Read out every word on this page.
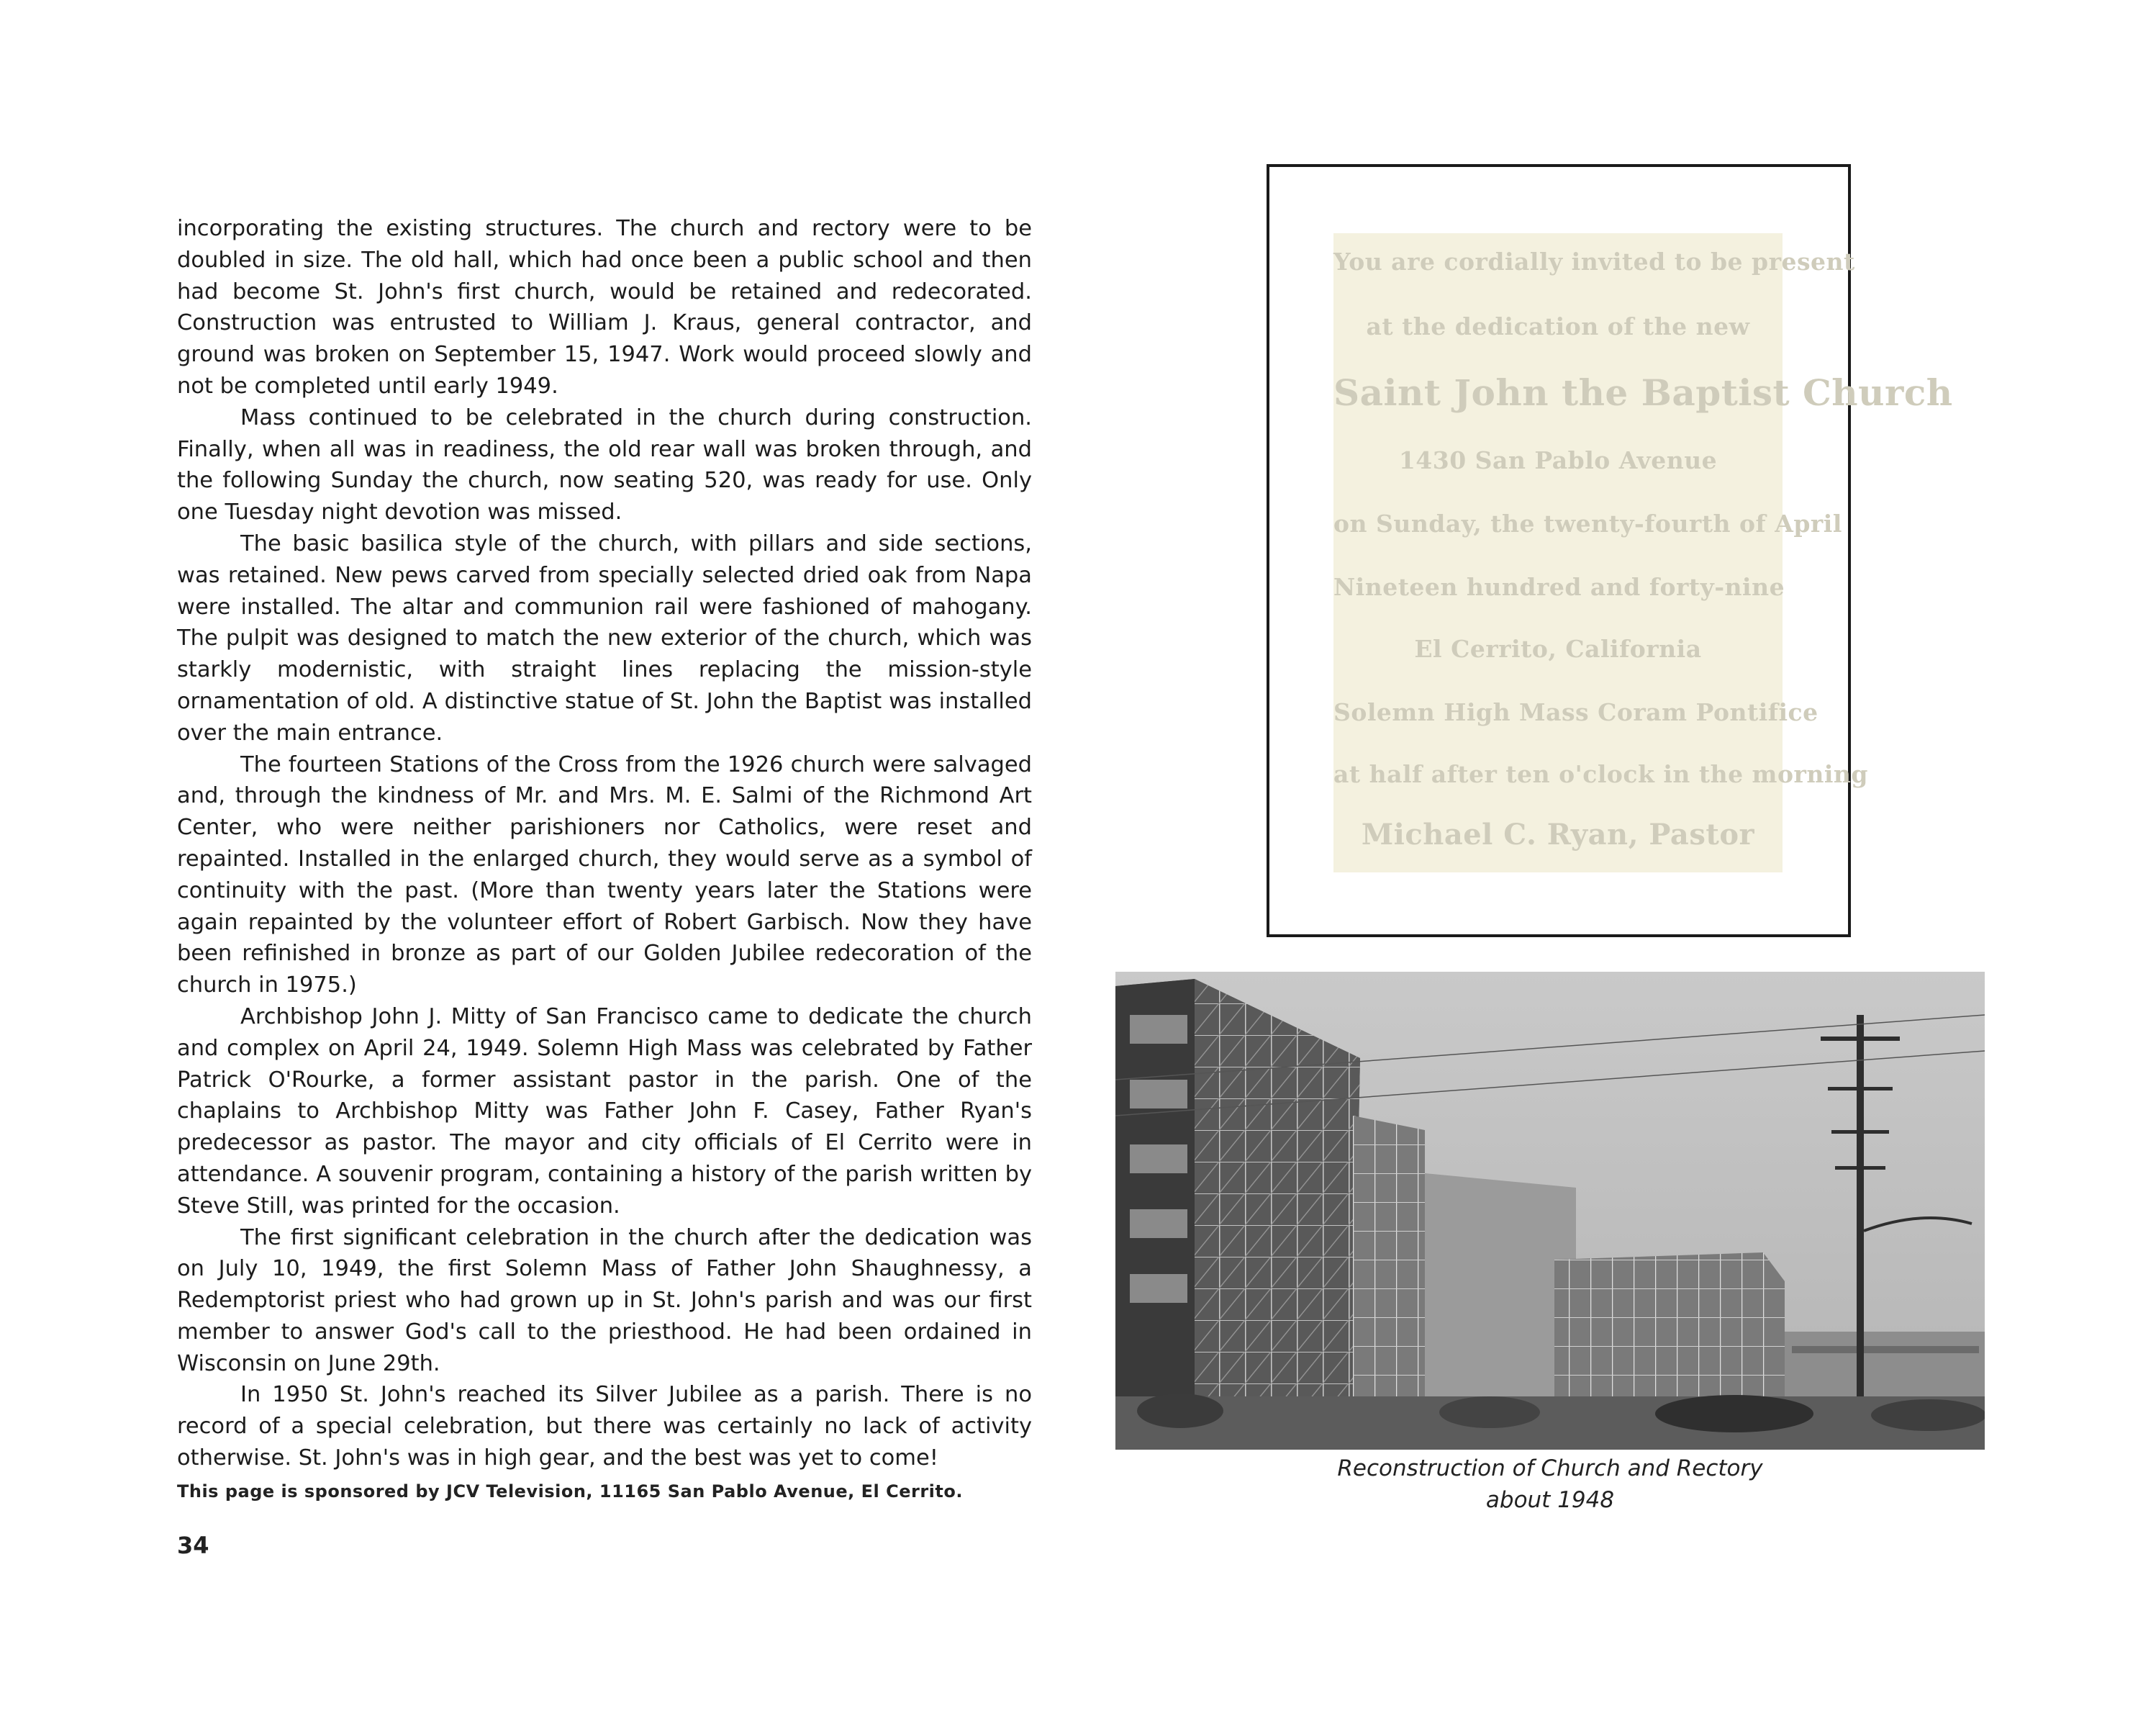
incorporating the existing structures. The church and rectory were to be doubled in size. The old hall, which had once been a public school and then had become St. John's first church, would be retained and redecorated. Construction was entrusted to William J. Kraus, general contractor, and ground was broken on September 15, 1947. Work would proceed slowly and not be completed until early 1949.

Mass continued to be celebrated in the church during construction. Finally, when all was in readiness, the old rear wall was broken through, and the following Sunday the church, now seating 520, was ready for use. Only one Tuesday night devotion was missed.

The basic basilica style of the church, with pillars and side sections, was retained. New pews carved from specially selected dried oak from Napa were installed. The altar and communion rail were fashioned of mahogany. The pulpit was designed to match the new exterior of the church, which was starkly modernistic, with straight lines replacing the mission-style ornamentation of old. A distinctive statue of St. John the Baptist was installed over the main entrance.

The fourteen Stations of the Cross from the 1926 church were salvaged and, through the kindness of Mr. and Mrs. M. E. Salmi of the Richmond Art Center, who were neither parishioners nor Catholics, were reset and repainted. Installed in the enlarged church, they would serve as a symbol of continuity with the past. (More than twenty years later the Stations were again repainted by the volunteer effort of Robert Garbisch. Now they have been refinished in bronze as part of our Golden Jubilee redecoration of the church in 1975.)

Archbishop John J. Mitty of San Francisco came to dedicate the church and complex on April 24, 1949. Solemn High Mass was celebrated by Father Patrick O'Rourke, a former assistant pastor in the parish. One of the chaplains to Archbishop Mitty was Father John F. Casey, Father Ryan's predecessor as pastor. The mayor and city officials of El Cerrito were in attendance. A souvenir program, containing a history of the parish written by Steve Still, was printed for the occasion.

The first significant celebration in the church after the dedication was on July 10, 1949, the first Solemn Mass of Father John Shaughnessy, a Redemptorist priest who had grown up in St. John's parish and was our first member to answer God's call to the priesthood. He had been ordained in Wisconsin on June 29th.

In 1950 St. John's reached its Silver Jubilee as a parish. There is no record of a special celebration, but there was certainly no lack of activity otherwise. St. John's was in high gear, and the best was yet to come!

This page is sponsored by JCV Television, 11165 San Pablo Avenue, El Cerrito.
34
You are cordially invited to be present
at the dedication of the new
Saint John the Baptist Church
1430 San Pablo Avenue
on Sunday, the twenty-fourth of April
Nineteen hundred and forty-nine
El Cerrito, California
Solemn High Mass Coram Pontifice
at half after ten o'clock in the morning
Michael C. Ryan, Pastor
Reconstruction of Church and Rectory
about 1948
